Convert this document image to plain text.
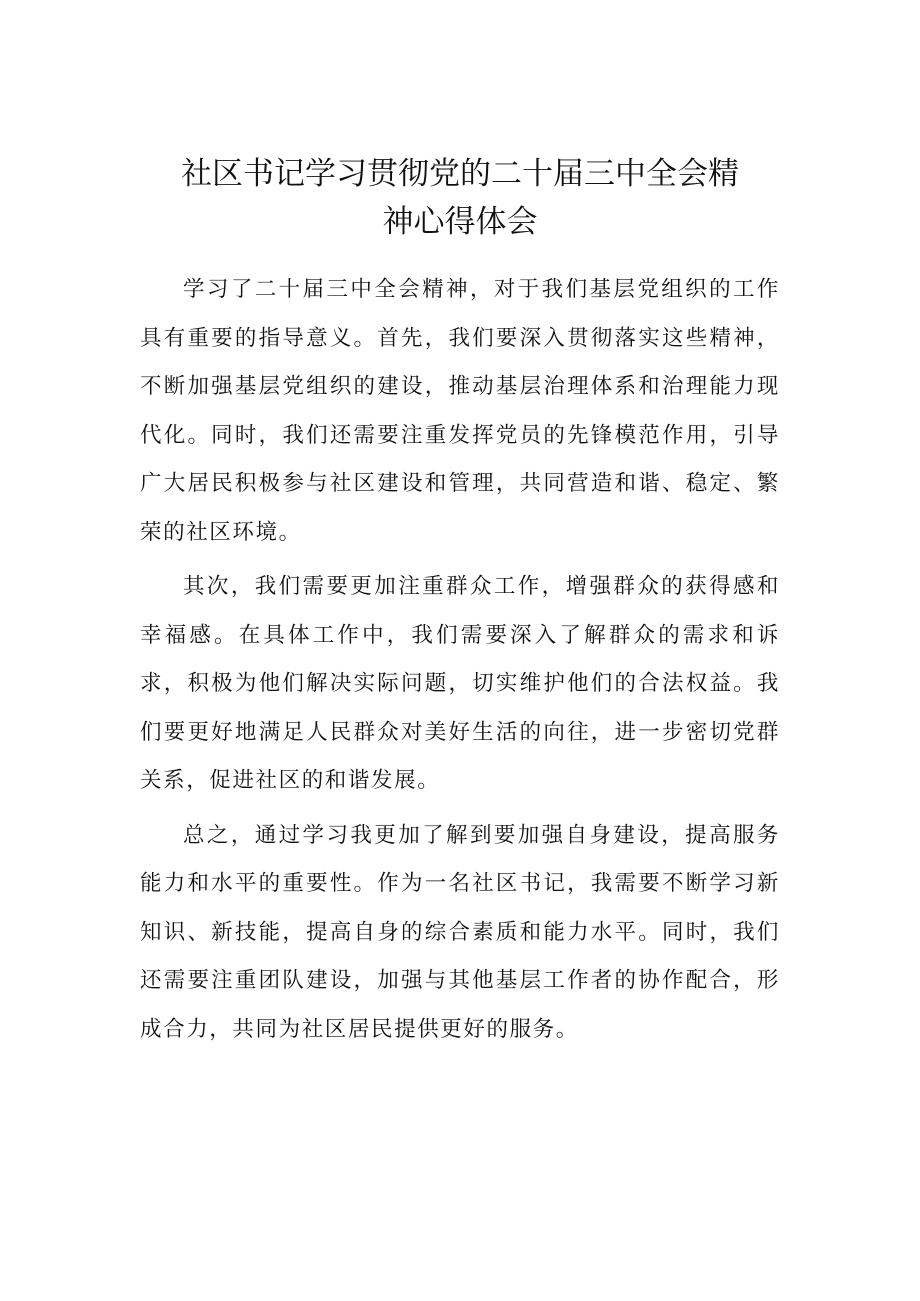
社区书记学习贯彻党的二十届三中全会精
神心得体会

学习了二十届三中全会精神，对于我们基层党组织的工作具有重要的指导意义。首先，我们要深入贯彻落实这些精神，不断加强基层党组织的建设，推动基层治理体系和治理能力现代化。同时，我们还需要注重发挥党员的先锋模范作用，引导广大居民积极参与社区建设和管理，共同营造和谐、稳定、繁荣的社区环境。

其次，我们需要更加注重群众工作，增强群众的获得感和幸福感。在具体工作中，我们需要深入了解群众的需求和诉求，积极为他们解决实际问题，切实维护他们的合法权益。我们要更好地满足人民群众对美好生活的向往，进一步密切党群关系，促进社区的和谐发展。

总之，通过学习我更加了解到要加强自身建设，提高服务能力和水平的重要性。作为一名社区书记，我需要不断学习新知识、新技能，提高自身的综合素质和能力水平。同时，我们还需要注重团队建设，加强与其他基层工作者的协作配合，形成合力，共同为社区居民提供更好的服务。
